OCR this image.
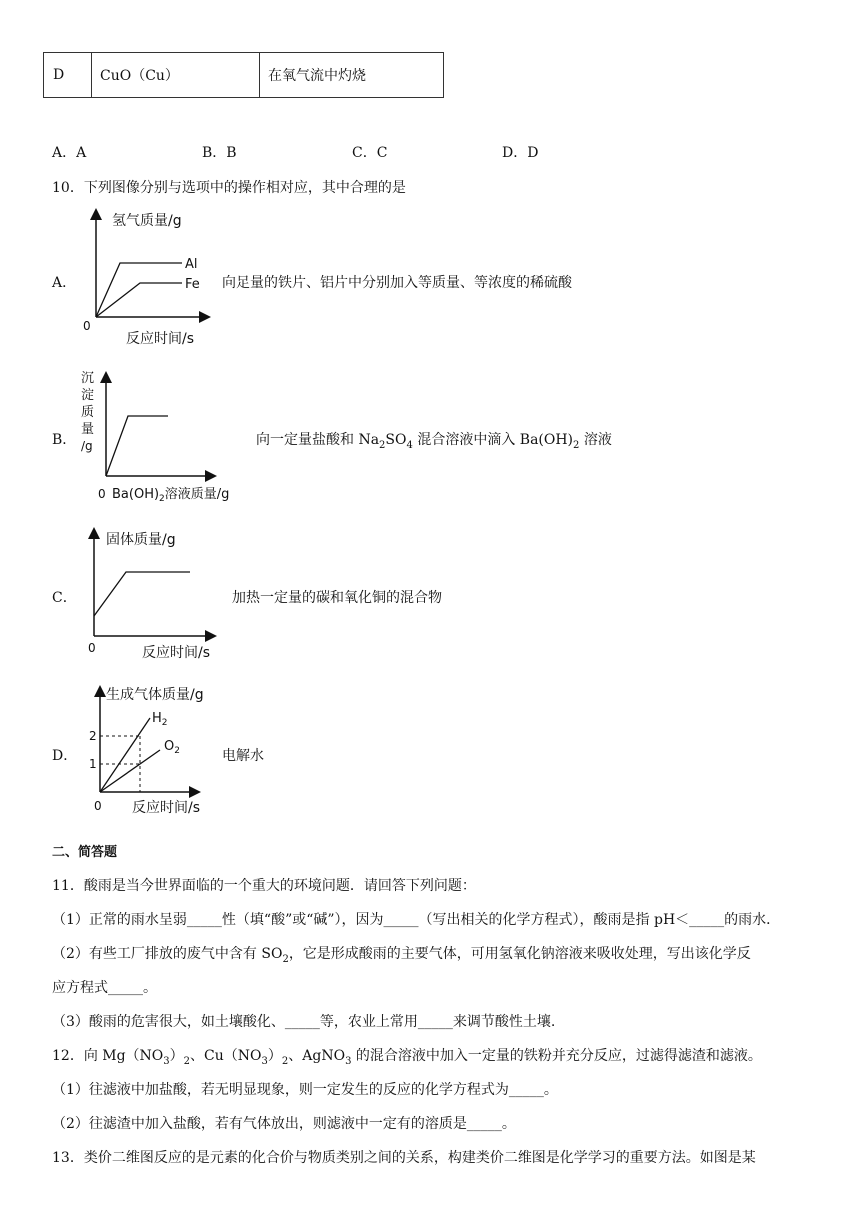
D	CuO（Cu）	在氧气流中灼烧
A．A	B．B	C．C	D．D
10．下列图像分别与选项中的操作相对应，其中合理的是
A．
氢气质量/g
Al
Fe
0
反应时间/s
向足量的铁片、铝片中分别加入等质量、等浓度的稀硫酸
B．
沉
淀
质
量
/g
0 $Ba(OH)_2$溶液质量/g
向一定量盐酸和 $Na_2SO_4$ 混合溶液中滴入 $Ba(OH)_2$ 溶液
C．
固体质量/g
0	反应时间/s
加热一定量的碳和氧化铜的混合物
D．
生成气体质量/g
2
1
$H_2$
$O_2$
0 反应时间/s
电解水
二、简答题
11．酸雨是当今世界面临的一个重大的环境问题．请回答下列问题：
（1）正常的雨水呈弱_____性（填“酸”或“碱”），因为_____（写出相关的化学方程式），酸雨是指 pH＜_____的雨水．
（2）有些工厂排放的废气中含有 $SO_2$，它是形成酸雨的主要气体，可用氢氧化钠溶液来吸收处理，写出该化学反
应方程式_____。
（3）酸雨的危害很大，如土壤酸化、_____等，农业上常用_____来调节酸性土壤.
12．向 $Mg(NO_3)_2$、$Cu(NO_3)_2$、AgNO$_3$ 的混合溶液中加入一定量的铁粉并充分反应，过滤得滤渣和滤液。
（1）往滤液中加盐酸，若无明显现象，则一定发生的反应的化学方程式为_____。
（2）往滤渣中加入盐酸，若有气体放出，则滤液中一定有的溶质是_____。
13．类价二维图反应的是元素的化合价与物质类别之间的关系，构建类价二维图是化学学习的重要方法。如图是某
